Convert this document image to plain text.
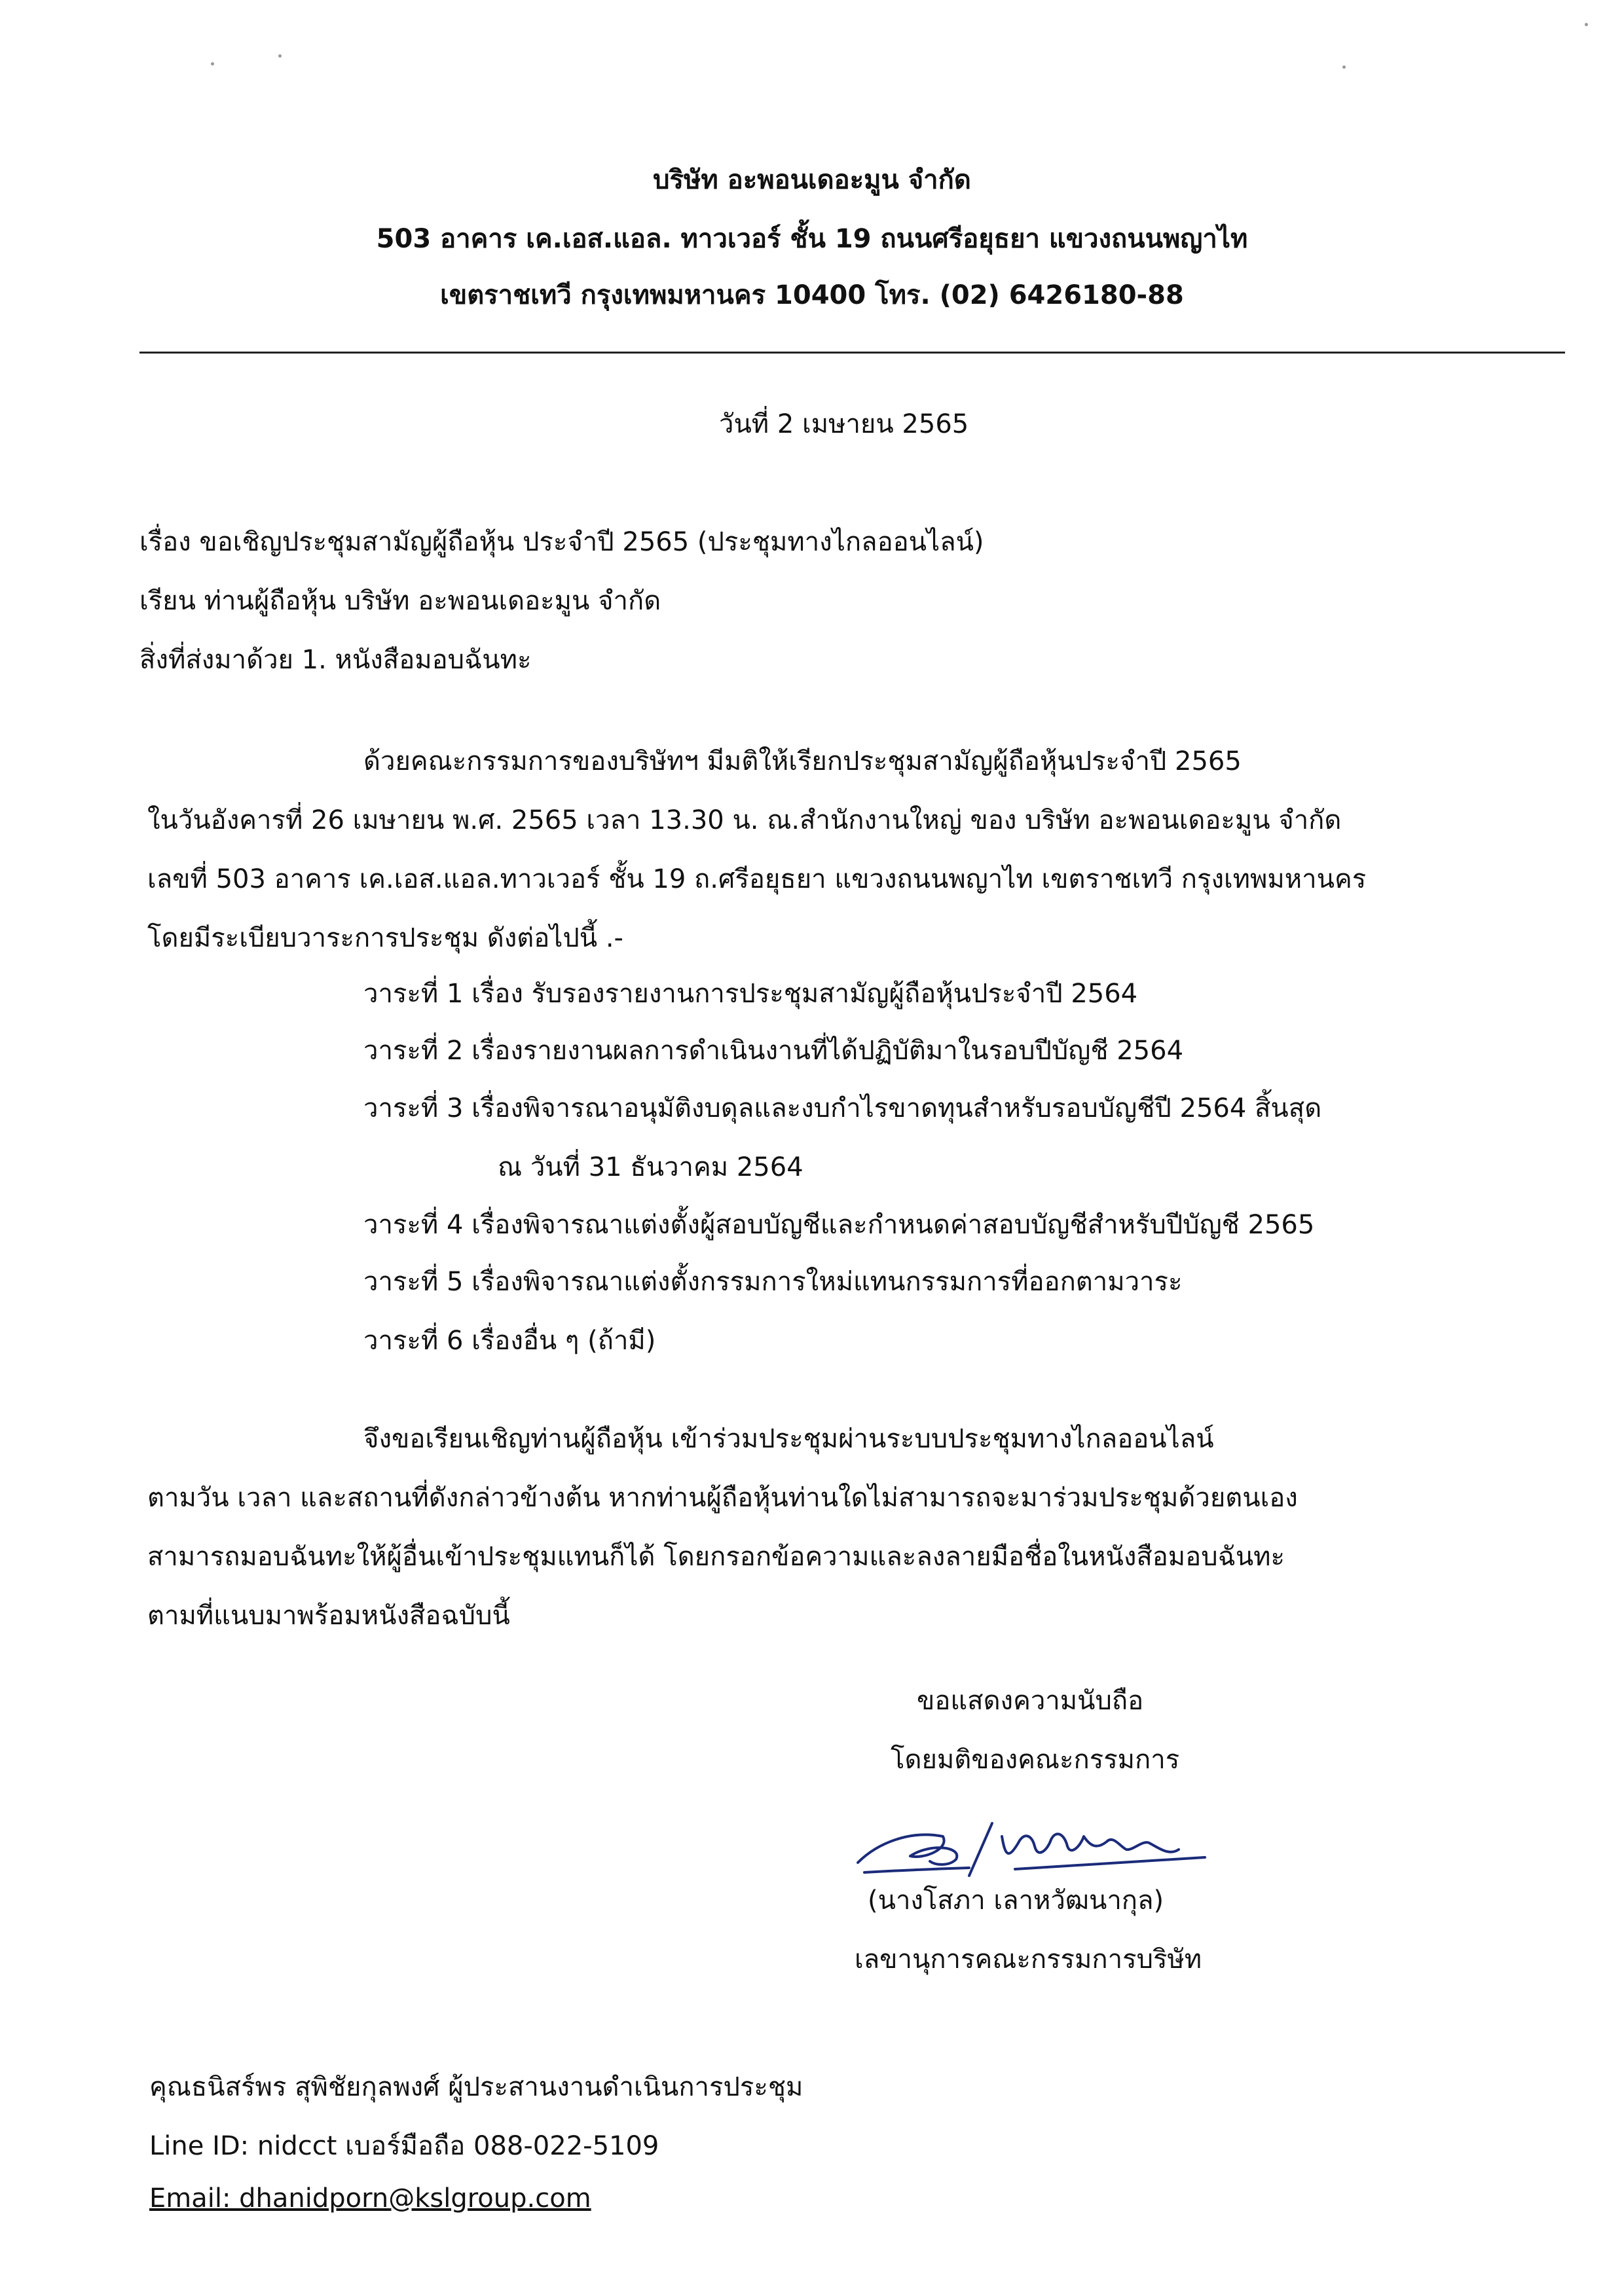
บริษัท อะพอนเดอะมูน จำกัด
503 อาคาร เค.เอส.แอล. ทาวเวอร์ ชั้น 19 ถนนศรีอยุธยา แขวงถนนพญาไท
เขตราชเทวี กรุงเทพมหานคร 10400 โทร. (02) 6426180-88
วันที่ 2 เมษายน 2565
เรื่อง ขอเชิญประชุมสามัญผู้ถือหุ้น ประจำปี 2565 (ประชุมทางไกลออนไลน์)
เรียน ท่านผู้ถือหุ้น บริษัท อะพอนเดอะมูน จำกัด
สิ่งที่ส่งมาด้วย 1. หนังสือมอบฉันทะ
ด้วยคณะกรรมการของบริษัทฯ มีมติให้เรียกประชุมสามัญผู้ถือหุ้นประจำปี 2565
ในวันอังคารที่ 26 เมษายน พ.ศ. 2565 เวลา 13.30 น. ณ.สำนักงานใหญ่ ของ บริษัท อะพอนเดอะมูน จำกัด
เลขที่ 503 อาคาร เค.เอส.แอล.ทาวเวอร์ ชั้น 19 ถ.ศรีอยุธยา แขวงถนนพญาไท เขตราชเทวี กรุงเทพมหานคร
โดยมีระเบียบวาระการประชุม ดังต่อไปนี้ .-
วาระที่ 1 เรื่อง รับรองรายงานการประชุมสามัญผู้ถือหุ้นประจำปี 2564
วาระที่ 2 เรื่องรายงานผลการดำเนินงานที่ได้ปฏิบัติมาในรอบปีบัญชี 2564
วาระที่ 3 เรื่องพิจารณาอนุมัติงบดุลและงบกำไรขาดทุนสำหรับรอบบัญชีปี 2564 สิ้นสุด
ณ วันที่ 31 ธันวาคม 2564
วาระที่ 4 เรื่องพิจารณาแต่งตั้งผู้สอบบัญชีและกำหนดค่าสอบบัญชีสำหรับปีบัญชี 2565
วาระที่ 5 เรื่องพิจารณาแต่งตั้งกรรมการใหม่แทนกรรมการที่ออกตามวาระ
วาระที่ 6 เรื่องอื่น ๆ (ถ้ามี)
จึงขอเรียนเชิญท่านผู้ถือหุ้น เข้าร่วมประชุมผ่านระบบประชุมทางไกลออนไลน์
ตามวัน เวลา และสถานที่ดังกล่าวข้างต้น หากท่านผู้ถือหุ้นท่านใดไม่สามารถจะมาร่วมประชุมด้วยตนเอง
สามารถมอบฉันทะให้ผู้อื่นเข้าประชุมแทนก็ได้ โดยกรอกข้อความและลงลายมือชื่อในหนังสือมอบฉันทะ
ตามที่แนบมาพร้อมหนังสือฉบับนี้
ขอแสดงความนับถือ
โดยมติของคณะกรรมการ
(นางโสภา เลาหวัฒนากุล)
เลขานุการคณะกรรมการบริษัท
คุณธนิสร์พร สุพิชัยกุลพงศ์ ผู้ประสานงานดำเนินการประชุม
Line ID: nidcct เบอร์มือถือ 088-022-5109
Email: dhanidporn@kslgroup.com
